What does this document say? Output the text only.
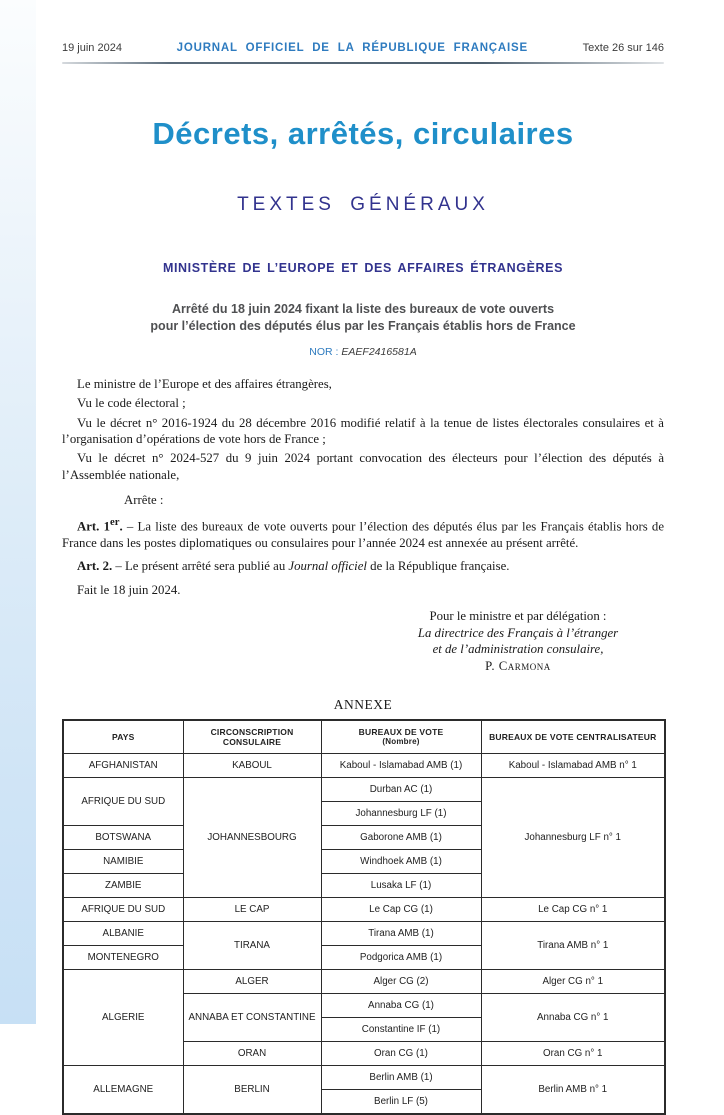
19 juin 2024	JOURNAL OFFICIEL DE LA RÉPUBLIQUE FRANÇAISE	Texte 26 sur 146
Décrets, arrêtés, circulaires
TEXTES GÉNÉRAUX
MINISTÈRE DE L’EUROPE ET DES AFFAIRES ÉTRANGÈRES
Arrêté du 18 juin 2024 fixant la liste des bureaux de vote ouverts
pour l’élection des députés élus par les Français établis hors de France
NOR : EAEF2416581A

Le ministre de l’Europe et des affaires étrangères,

Vu le code électoral ;

Vu le décret n° 2016-1924 du 28 décembre 2016 modifié relatif à la tenue de listes électorales consulaires et à l’organisation d’opérations de vote hors de France ;

Vu le décret n° 2024-527 du 9 juin 2024 portant convocation des électeurs pour l’élection des députés à l’Assemblée nationale,

Arrête :

Art. 1er. – La liste des bureaux de vote ouverts pour l’élection des députés élus par les Français établis hors de France dans les postes diplomatiques ou consulaires pour l’année 2024 est annexée au présent arrêté.

Art. 2. – Le présent arrêté sera publié au Journal officiel de la République française.

Fait le 18 juin 2024.

Pour le ministre et par délégation :
La directrice des Français à l’étranger
et de l’administration consulaire,
P. Carmona
ANNEXE
PAYS	CIRCONSCRIPTION CONSULAIRE	BUREAUX DE VOTE
(Nombre)	BUREAUX DE VOTE CENTRALISATEUR

AFGHANISTAN	KABOUL	Kaboul - Islamabad AMB (1)	Kaboul - Islamabad AMB n° 1
AFRIQUE DU SUD	JOHANNESBOURG	Durban AC (1)	Johannesburg LF n° 1
		Johannesburg LF (1)	
BOTSWANA		Gaborone AMB (1)	
NAMIBIE		Windhoek AMB (1)	
ZAMBIE		Lusaka LF (1)	
AFRIQUE DU SUD	LE CAP	Le Cap CG (1)	Le Cap CG n° 1
ALBANIE	TIRANA	Tirana AMB (1)	Tirana AMB n° 1
MONTENEGRO		Podgorica AMB (1)	
ALGERIE	ALGER	Alger CG (2)	Alger CG n° 1
	ANNABA ET CONSTANTINE	Annaba CG (1)	Annaba CG n° 1
		Constantine IF (1)	
	ORAN	Oran CG (1)	Oran CG n° 1
ALLEMAGNE	BERLIN	Berlin AMB (1)	Berlin AMB n° 1
		Berlin LF (5)	
